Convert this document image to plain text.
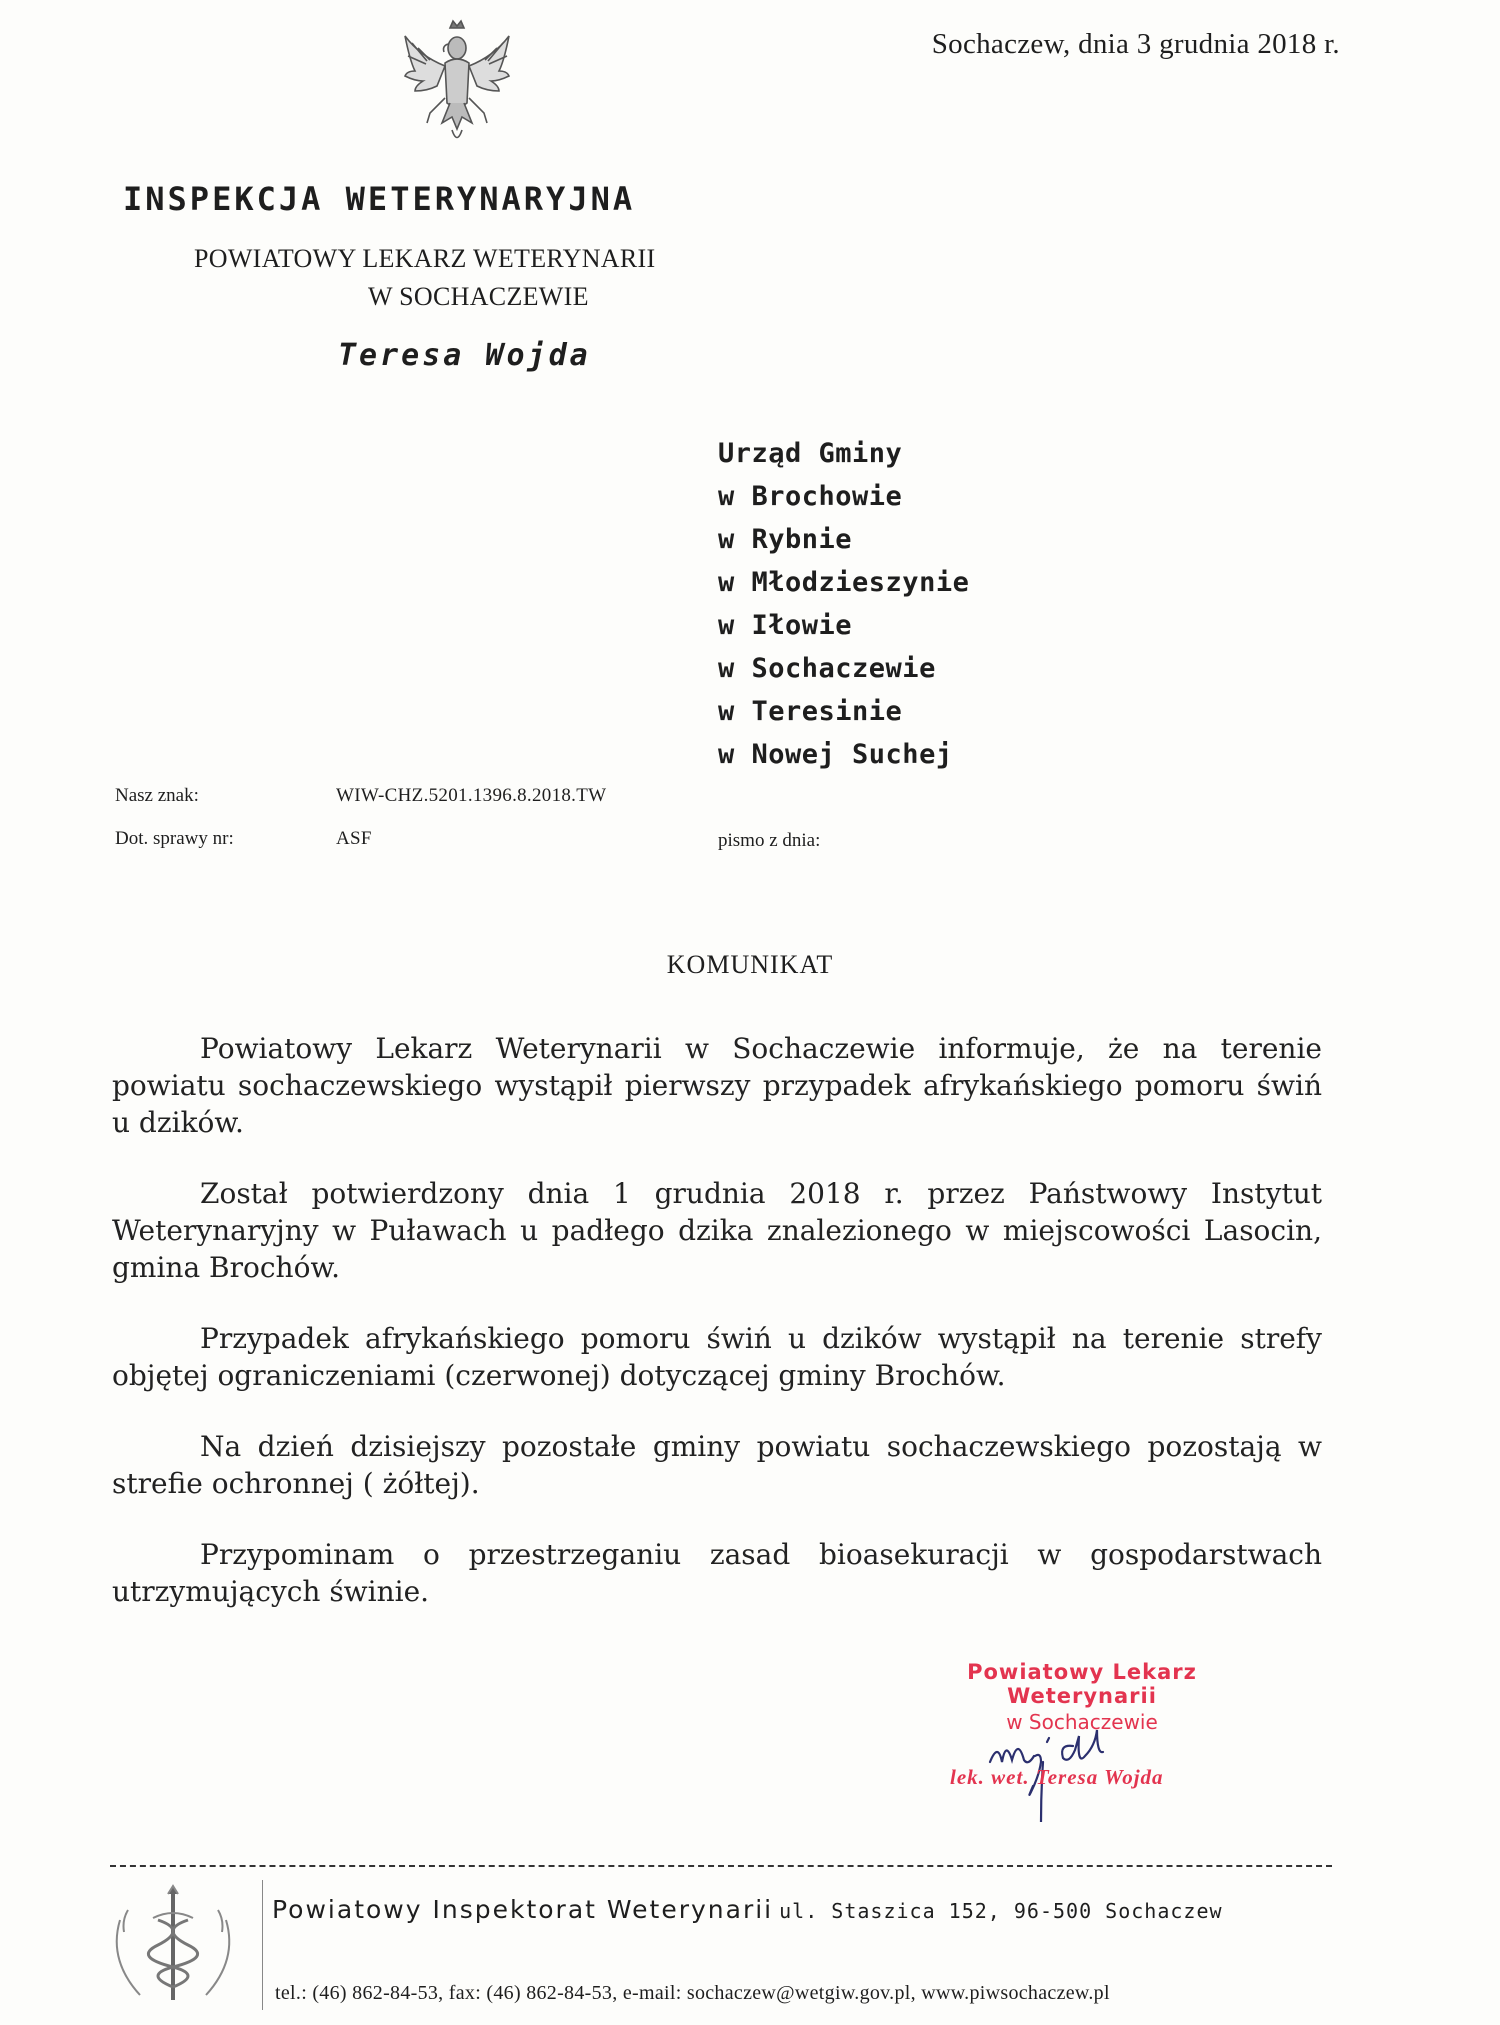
Sochaczew, dnia 3 grudnia 2018 r.
INSPEKCJA WETERYNARYJNA
POWIATOWY LEKARZ WETERYNARII
W SOCHACZEWIE
Teresa Wojda
Urząd Gminy
w Brochowie
w Rybnie
w Młodzieszynie
w Iłowie
w Sochaczewie
w Teresinie
w Nowej Suchej
Nasz znak:	WIW-CHZ.5201.1396.8.2018.TW
Dot. sprawy nr:	ASF	pismo z dnia:
KOMUNIKAT

Powiatowy Lekarz Weterynarii w Sochaczewie informuje, że na terenie powiatu sochaczewskiego wystąpił pierwszy przypadek afrykańskiego pomoru świń u dzików.

Został potwierdzony dnia 1 grudnia 2018 r. przez Państwowy Instytut Weterynaryjny w Puławach u padłego dzika znalezionego w miejscowości Lasocin, gmina Brochów.

Przypadek afrykańskiego pomoru świń u dzików wystąpił na terenie strefy objętej ograniczeniami (czerwonej) dotyczącej gminy Brochów.

Na dzień dzisiejszy pozostałe gminy powiatu sochaczewskiego pozostają w strefie ochronnej ( żółtej).

Przypominam o przestrzeganiu zasad bioasekuracji w gospodarstwach utrzymujących świnie.

Powiatowy Lekarz Weterynarii
w Sochaczewie
lek. wet. Teresa Wojda
Powiatowy Inspektorat Weterynarii ul. Staszica 152, 96-500 Sochaczew
tel.: (46) 862-84-53, fax: (46) 862-84-53, e-mail: sochaczew@wetgiw.gov.pl, www.piwsochaczew.pl
